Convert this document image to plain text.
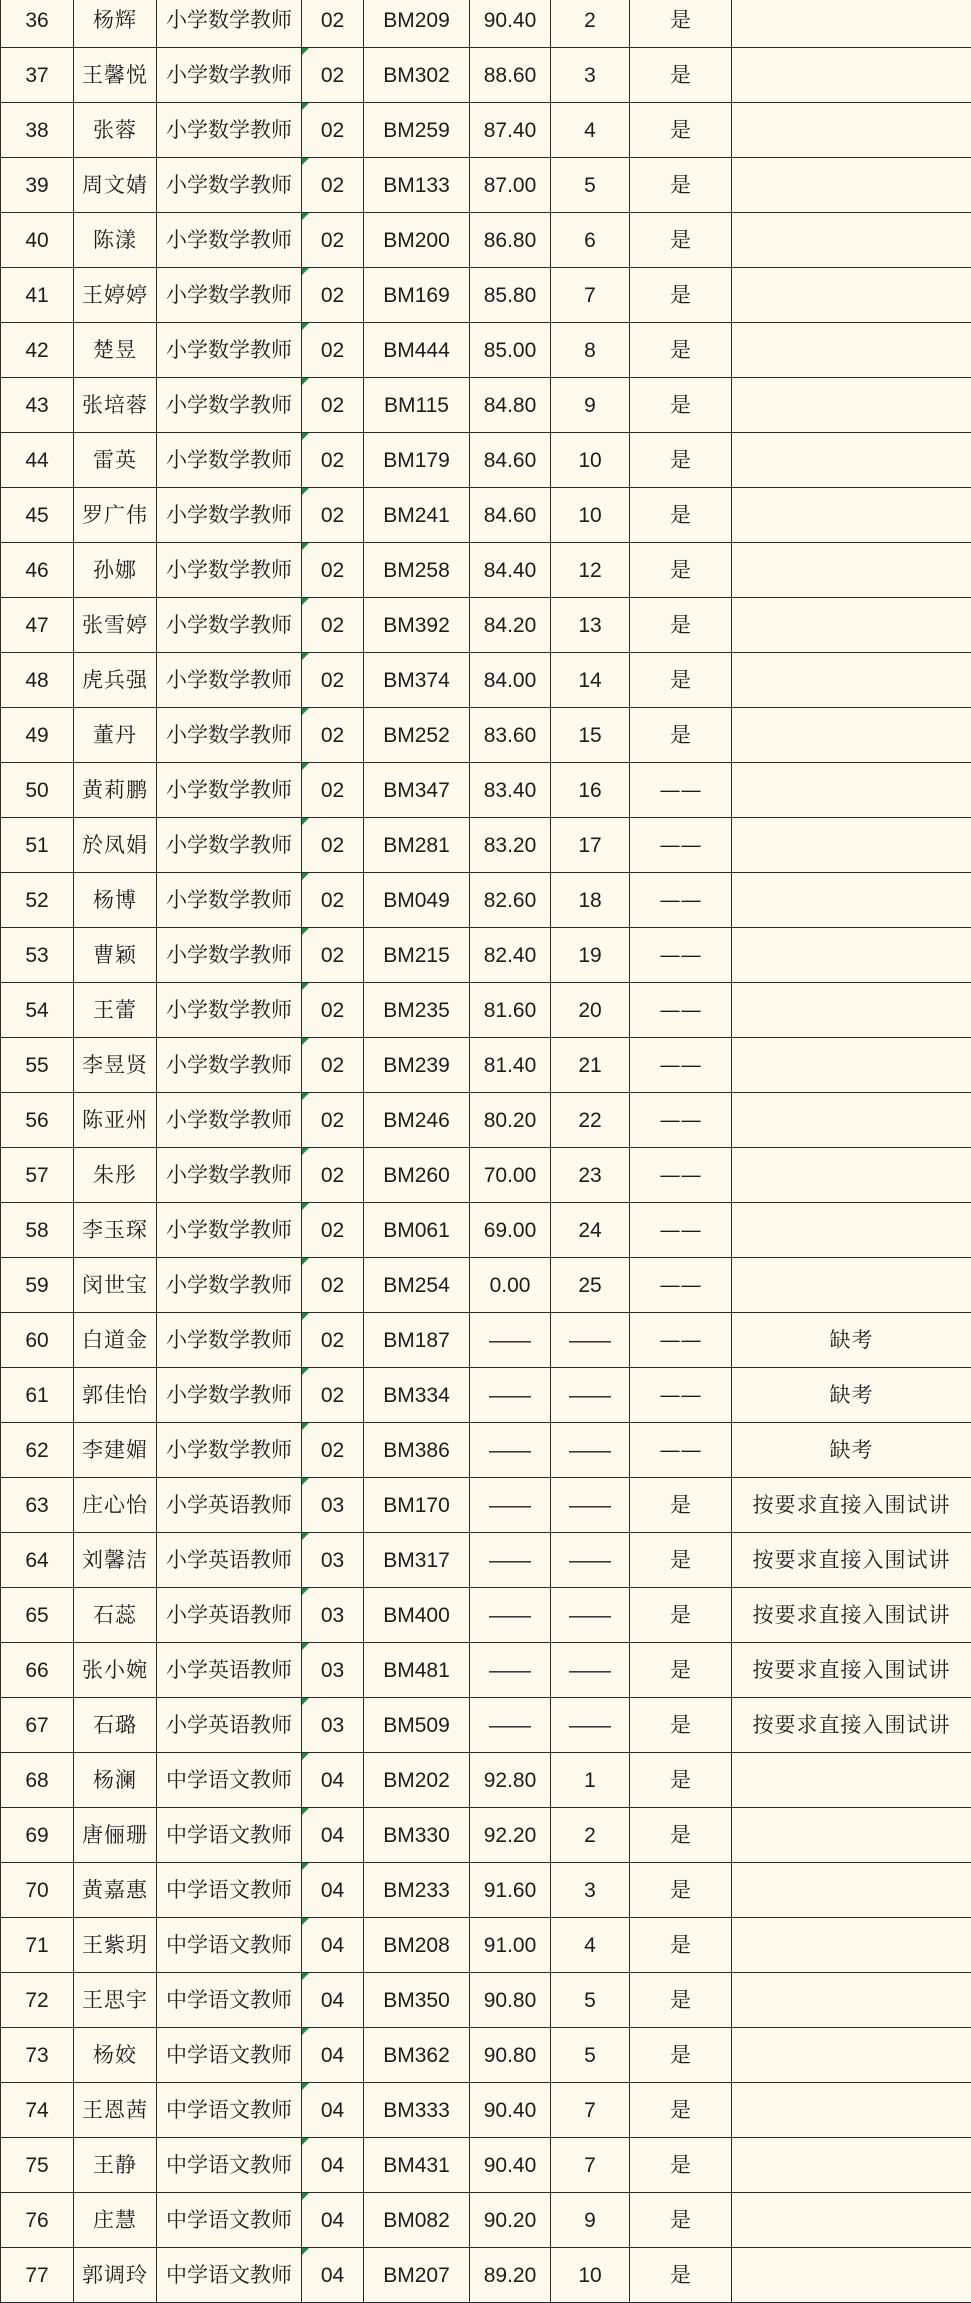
36	杨辉	小学数学教师	02	BM209	90.40	2	是	
37	王馨悦	小学数学教师	02	BM302	88.60	3	是	
38	张蓉	小学数学教师	02	BM259	87.40	4	是	
39	周文婧	小学数学教师	02	BM133	87.00	5	是	
40	陈漾	小学数学教师	02	BM200	86.80	6	是	
41	王婷婷	小学数学教师	02	BM169	85.80	7	是	
42	楚昱	小学数学教师	02	BM444	85.00	8	是	
43	张培蓉	小学数学教师	02	BM115	84.80	9	是	
44	雷英	小学数学教师	02	BM179	84.60	10	是	
45	罗广伟	小学数学教师	02	BM241	84.60	10	是	
46	孙娜	小学数学教师	02	BM258	84.40	12	是	
47	张雪婷	小学数学教师	02	BM392	84.20	13	是	
48	虎兵强	小学数学教师	02	BM374	84.00	14	是	
49	董丹	小学数学教师	02	BM252	83.60	15	是	
50	黄莉鹏	小学数学教师	02	BM347	83.40	16	——	
51	於凤娟	小学数学教师	02	BM281	83.20	17	——	
52	杨博	小学数学教师	02	BM049	82.60	18	——	
53	曹颖	小学数学教师	02	BM215	82.40	19	——	
54	王蕾	小学数学教师	02	BM235	81.60	20	——	
55	李昱贤	小学数学教师	02	BM239	81.40	21	——	
56	陈亚州	小学数学教师	02	BM246	80.20	22	——	
57	朱彤	小学数学教师	02	BM260	70.00	23	——	
58	李玉琛	小学数学教师	02	BM061	69.00	24	——	
59	闵世宝	小学数学教师	02	BM254	0.00	25	——	
60	白道金	小学数学教师	02	BM187	——	——	——	缺考
61	郭佳怡	小学数学教师	02	BM334	——	——	——	缺考
62	李建媚	小学数学教师	02	BM386	——	——	——	缺考
63	庄心怡	小学英语教师	03	BM170	——	——	是	按要求直接入围试讲
64	刘馨洁	小学英语教师	03	BM317	——	——	是	按要求直接入围试讲
65	石蕊	小学英语教师	03	BM400	——	——	是	按要求直接入围试讲
66	张小婉	小学英语教师	03	BM481	——	——	是	按要求直接入围试讲
67	石璐	小学英语教师	03	BM509	——	——	是	按要求直接入围试讲
68	杨澜	中学语文教师	04	BM202	92.80	1	是	
69	唐俪珊	中学语文教师	04	BM330	92.20	2	是	
70	黄嘉惠	中学语文教师	04	BM233	91.60	3	是	
71	王紫玥	中学语文教师	04	BM208	91.00	4	是	
72	王思宇	中学语文教师	04	BM350	90.80	5	是	
73	杨姣	中学语文教师	04	BM362	90.80	5	是	
74	王恩茜	中学语文教师	04	BM333	90.40	7	是	
75	王静	中学语文教师	04	BM431	90.40	7	是	
76	庄慧	中学语文教师	04	BM082	90.20	9	是	
77	郭调玲	中学语文教师	04	BM207	89.20	10	是	
